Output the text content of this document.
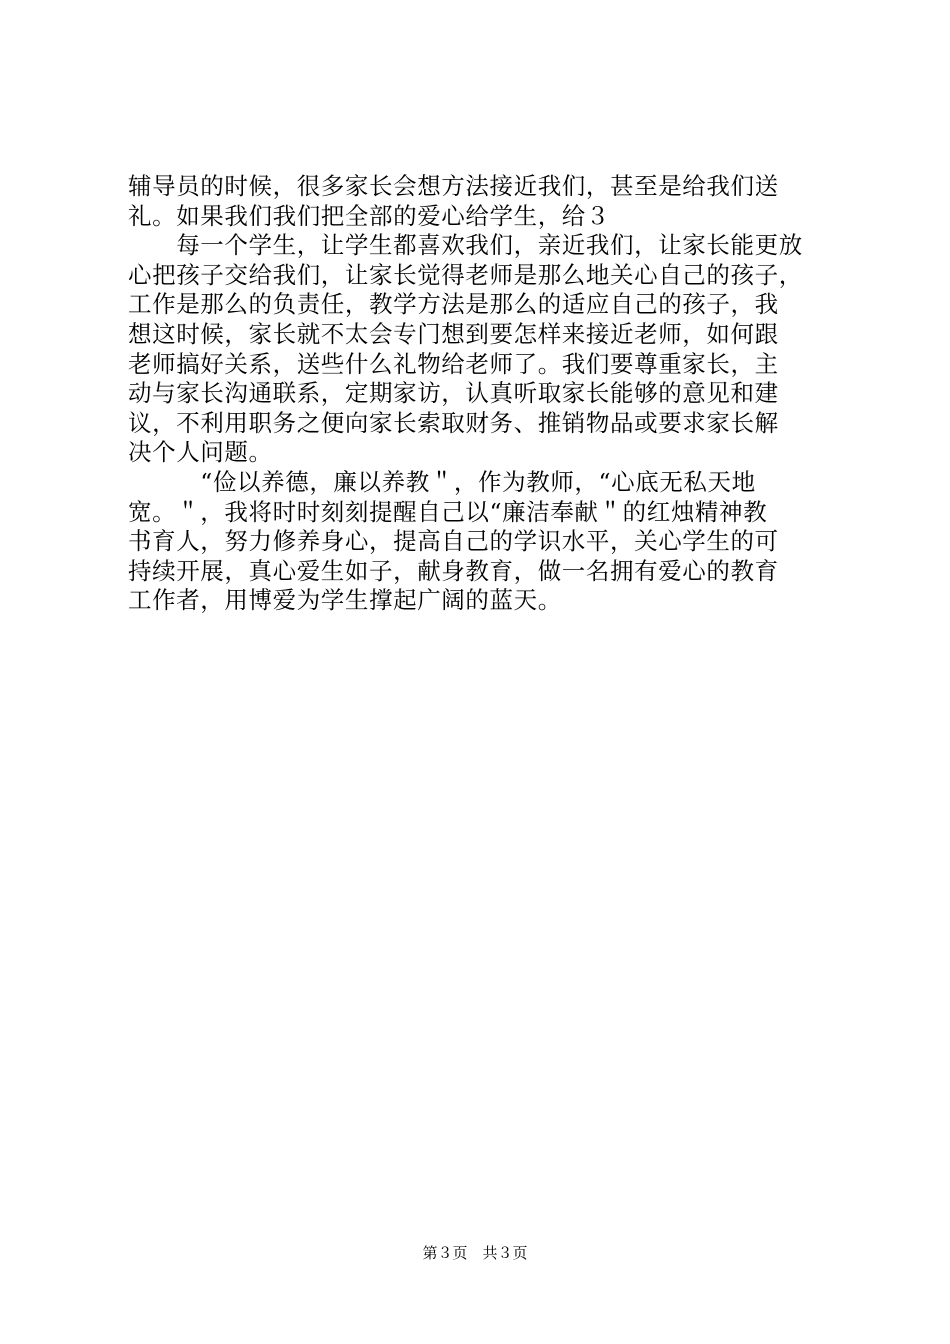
辅导员的时候，很多家长会想方法接近我们，甚至是给我们送
礼。如果我们我们把全部的爱心给学生，给３
　　每一个学生，让学生都喜欢我们，亲近我们，让家长能更放
心把孩子交给我们，让家长觉得老师是那么地关心自己的孩子，
工作是那么的负责任，教学方法是那么的适应自己的孩子，我
想这时候，家长就不太会专门想到要怎样来接近老师，如何跟
老师搞好关系，送些什么礼物给老师了。我们要尊重家长，主
动与家长沟通联系，定期家访，认真听取家长能够的意见和建
议，不利用职务之便向家长索取财务、推销物品或要求家长解
决个人问题。
　　　“俭以养德，廉以养教＂，作为教师，“心底无私天地
宽。＂，我将时时刻刻提醒自己以“廉洁奉献＂的红烛精神教
书育人，努力修养身心，提高自己的学识水平，关心学生的可
持续开展，真心爱生如子，献身教育，做一名拥有爱心的教育
工作者，用博爱为学生撑起广阔的蓝天。
第３页　共３页
